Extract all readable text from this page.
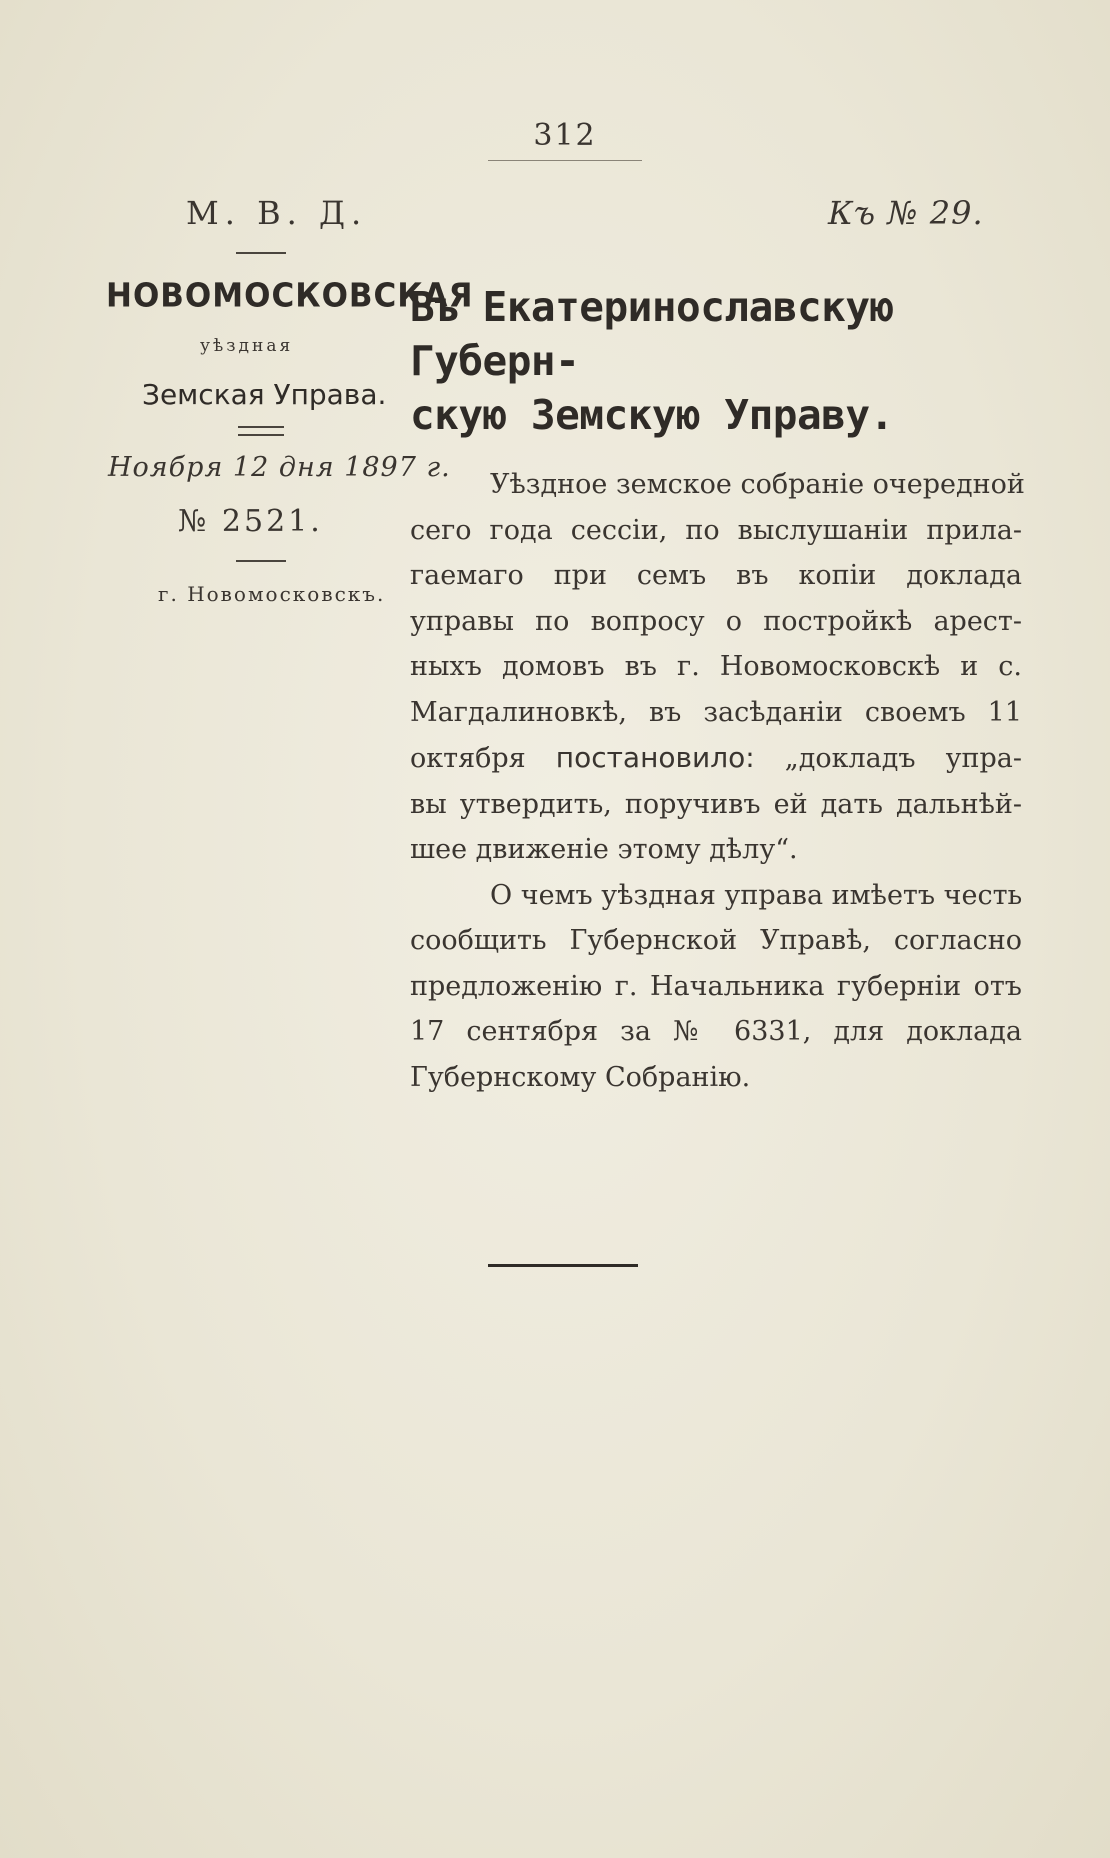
312
М. В. Д.	Къ № 29.
НОВОМОСКОВСКАЯ
уѣздная
Земская Управа.
Ноября 12 дня 1897 г.
№ 2521.
г. Новомосковскъ.
Въ Екатеринославскую Губерн-
скую Земскую Управу.
Уѣздное земское собраніе очередной
сего года сессіи, по выслушаніи прила-
гаемаго при семъ въ копіи доклада
управы по вопросу о постройкѣ арест-
ныхъ домовъ въ г. Новомосковскѣ и с.
Магдалиновкѣ, въ засѣданіи своемъ 11
октября постановило: „докладъ упра-
вы утвердить, поручивъ ей дать дальнѣй-
шее движеніе этому дѣлу“.
О чемъ уѣздная управа имѣетъ честь
сообщить Губернской Управѣ, согласно
предложенію г. Начальника губерніи отъ
17 сентября за № 6331, для доклада
Губернскому Собранію.
